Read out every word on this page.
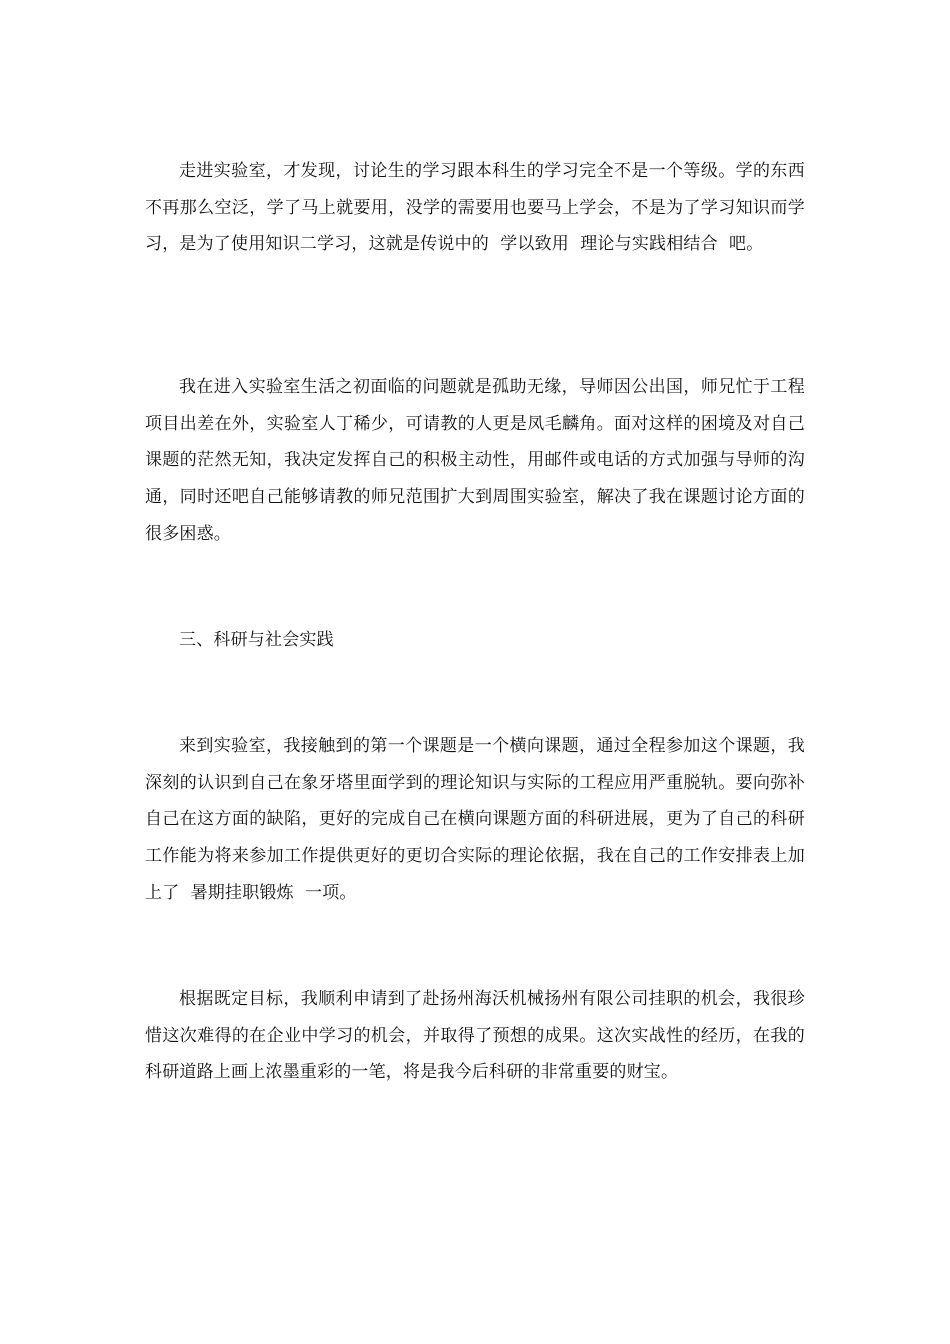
走进实验室，才发现，讨论生的学习跟本科生的学习完全不是一个等级。学的东西不再那么空泛，学了马上就要用，没学的需要用也要马上学会，不是为了学习知识而学习，是为了使用知识二学习，这就是传说中的  学以致用  理论与实践相结合  吧。

我在进入实验室生活之初面临的问题就是孤助无缘，导师因公出国，师兄忙于工程项目出差在外，实验室人丁稀少，可请教的人更是凤毛麟角。面对这样的困境及对自己课题的茫然无知，我决定发挥自己的积极主动性，用邮件或电话的方式加强与导师的沟通，同时还吧自己能够请教的师兄范围扩大到周围实验室，解决了我在课题讨论方面的很多困惑。

三、科研与社会实践

来到实验室，我接触到的第一个课题是一个横向课题，通过全程参加这个课题，我深刻的认识到自己在象牙塔里面学到的理论知识与实际的工程应用严重脱轨。要向弥补自己在这方面的缺陷，更好的完成自己在横向课题方面的科研进展，更为了自己的科研工作能为将来参加工作提供更好的更切合实际的理论依据，我在自己的工作安排表上加上了  暑期挂职锻炼  一项。

根据既定目标，我顺利申请到了赴扬州海沃机械扬州有限公司挂职的机会，我很珍惜这次难得的在企业中学习的机会，并取得了预想的成果。这次实战性的经历，在我的科研道路上画上浓墨重彩的一笔，将是我今后科研的非常重要的财宝。
